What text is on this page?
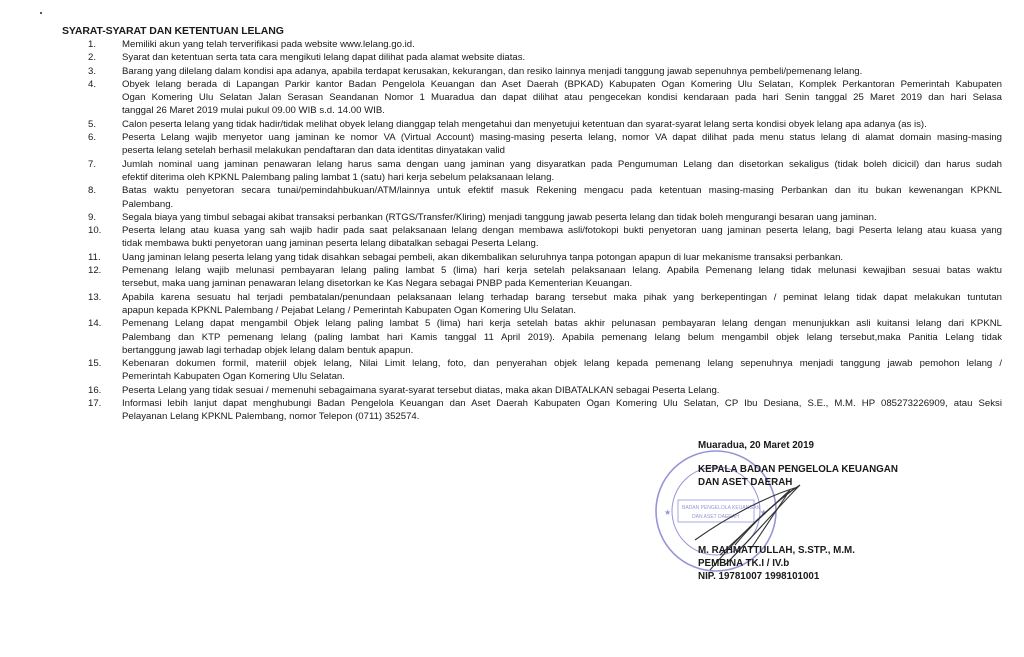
SYARAT-SYARAT DAN KETENTUAN LELANG
1.	Memiliki akun yang telah terverifikasi pada website www.lelang.go.id.
2.	Syarat dan ketentuan serta tata cara mengikuti lelang dapat dilihat pada alamat website diatas.
3.	Barang yang dilelang dalam kondisi apa adanya, apabila terdapat kerusakan, kekurangan, dan resiko lainnya menjadi tanggung jawab sepenuhnya pembeli/pemenang lelang.
4.	Obyek lelang berada di Lapangan Parkir kantor Badan Pengelola Keuangan dan Aset Daerah (BPKAD) Kabupaten Ogan Komering Ulu Selatan, Komplek Perkantoran Pemerintah Kabupaten
Ogan Komering Ulu Selatan Jalan Serasan Seandanan Nomor 1 Muaradua dan dapat dilihat atau pengecekan kondisi kendaraan pada hari Senin tanggal 25 Maret 2019 dan hari Selasa
tanggal 26 Maret 2019 mulai pukul 09.00 WIB s.d. 14.00 WIB.
5.	Calon peserta lelang yang tidak hadir/tidak melihat obyek lelang dianggap telah mengetahui dan menyetujui ketentuan dan syarat-syarat lelang serta kondisi obyek lelang apa adanya (as is).
6.	Peserta Lelang wajib menyetor uang jaminan ke nomor VA (Virtual Account) masing-masing peserta lelang, nomor VA dapat dilihat pada menu status lelang di alamat domain masing-masing
peserta lelang setelah berhasil melakukan pendaftaran dan data identitas dinyatakan valid
7.	Jumlah nominal uang jaminan penawaran lelang harus sama dengan uang jaminan yang disyaratkan pada Pengumuman Lelang dan disetorkan sekaligus (tidak boleh dicicil) dan harus sudah
efektif diterima oleh KPKNL Palembang paling lambat 1 (satu) hari kerja sebelum pelaksanaan lelang.
8.	Batas waktu penyetoran secara tunai/pemindahbukuan/ATM/lainnya untuk efektif masuk Rekening mengacu pada ketentuan masing-masing Perbankan dan itu bukan kewenangan KPKNL
Palembang.
9.	Segala biaya yang timbul sebagai akibat transaksi perbankan (RTGS/Transfer/Kliring) menjadi tanggung jawab peserta lelang dan tidak boleh mengurangi besaran uang jaminan.
10.	Peserta lelang atau kuasa yang sah wajib hadir pada saat pelaksanaan lelang dengan membawa asli/fotokopi bukti penyetoran uang jaminan peserta lelang, bagi Peserta lelang atau kuasa yang
tidak membawa bukti penyetoran uang jaminan peserta lelang dibatalkan sebagai Peserta Lelang.
11.	Uang jaminan lelang peserta lelang yang tidak disahkan sebagai pembeli, akan dikembalikan seluruhnya tanpa potongan apapun di luar mekanisme transaksi perbankan.
12.	Pemenang lelang wajib melunasi pembayaran lelang paling lambat 5 (lima) hari kerja setelah pelaksanaan lelang. Apabila Pemenang lelang tidak melunasi kewajiban sesuai batas waktu
tersebut, maka uang jaminan penawaran lelang disetorkan ke Kas Negara sebagai PNBP pada Kementerian Keuangan.
13.	Apabila karena sesuatu hal terjadi pembatalan/penundaan pelaksanaan lelang terhadap barang tersebut maka pihak yang berkepentingan / peminat lelang tidak dapat melakukan tuntutan
apapun kepada KPKNL Palembang / Pejabat Lelang / Pemerintah Kabupaten Ogan Komering Ulu Selatan.
14.	Pemenang Lelang dapat mengambil Objek lelang paling lambat 5 (lima) hari kerja setelah batas akhir pelunasan pembayaran lelang dengan menunjukkan asli kuitansi lelang dari KPKNL
Palembang dan KTP pemenang lelang (paling lambat hari Kamis tanggal 11 April 2019). Apabila pemenang lelang belum mengambil objek lelang tersebut,maka Panitia Lelang tidak
bertanggung jawab lagi terhadap objek lelang dalam bentuk apapun.
15.	Kebenaran dokumen formil, materiil objek lelang, Nilai Limit lelang, foto, dan penyerahan objek lelang kepada pemenang lelang sepenuhnya menjadi tanggung jawab pemohon lelang /
Pemerintah Kabupaten Ogan Komering Ulu Selatan.
16.	Peserta Lelang yang tidak sesuai / memenuhi sebagaimana syarat-syarat tersebut diatas, maka akan DIBATALKAN sebagai Peserta Lelang.
17.	Informasi lebih lanjut dapat menghubungi Badan Pengelola Keuangan dan Aset Daerah Kabupaten Ogan Komering Ulu Selatan, CP Ibu Desiana, S.E., M.M. HP 085273226909, atau Seksi
Pelayanan Lelang KPKNL Palembang, nomor Telepon (0711) 352574.
BADAN PENGELOLA KEUANGAN
DAN ASET DAERAH
★	★
Muaradua, 20 Maret 2019
KEPALA BADAN PENGELOLA KEUANGAN
DAN ASET DAERAH
M. RAHMATTULLAH, S.STP., M.M.
PEMBINA TK.I / IV.b
NIP. 19781007 1998101001
